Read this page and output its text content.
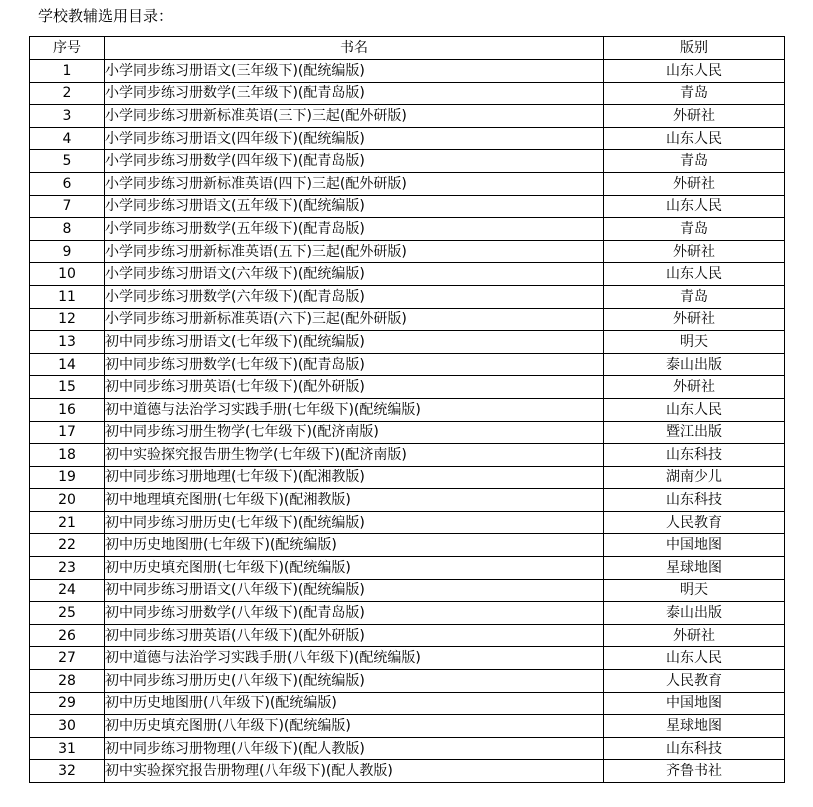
学校教辅选用目录：
序号	书名	版别
1	小学同步练习册语文(三年级下)(配统编版)	山东人民
2	小学同步练习册数学(三年级下)(配青岛版)	青岛
3	小学同步练习册新标准英语(三下)三起(配外研版)	外研社
4	小学同步练习册语文(四年级下)(配统编版)	山东人民
5	小学同步练习册数学(四年级下)(配青岛版)	青岛
6	小学同步练习册新标准英语(四下)三起(配外研版)	外研社
7	小学同步练习册语文(五年级下)(配统编版)	山东人民
8	小学同步练习册数学(五年级下)(配青岛版)	青岛
9	小学同步练习册新标准英语(五下)三起(配外研版)	外研社
10	小学同步练习册语文(六年级下)(配统编版)	山东人民
11	小学同步练习册数学(六年级下)(配青岛版)	青岛
12	小学同步练习册新标准英语(六下)三起(配外研版)	外研社
13	初中同步练习册语文(七年级下)(配统编版)	明天
14	初中同步练习册数学(七年级下)(配青岛版)	泰山出版
15	初中同步练习册英语(七年级下)(配外研版)	外研社
16	初中道德与法治学习实践手册(七年级下)(配统编版)	山东人民
17	初中同步练习册生物学(七年级下)(配济南版)	暨江出版
18	初中实验探究报告册生物学(七年级下)(配济南版)	山东科技
19	初中同步练习册地理(七年级下)(配湘教版)	湖南少儿
20	初中地理填充图册(七年级下)(配湘教版)	山东科技
21	初中同步练习册历史(七年级下)(配统编版)	人民教育
22	初中历史地图册(七年级下)(配统编版)	中国地图
23	初中历史填充图册(七年级下)(配统编版)	星球地图
24	初中同步练习册语文(八年级下)(配统编版)	明天
25	初中同步练习册数学(八年级下)(配青岛版)	泰山出版
26	初中同步练习册英语(八年级下)(配外研版)	外研社
27	初中道德与法治学习实践手册(八年级下)(配统编版)	山东人民
28	初中同步练习册历史(八年级下)(配统编版)	人民教育
29	初中历史地图册(八年级下)(配统编版)	中国地图
30	初中历史填充图册(八年级下)(配统编版)	星球地图
31	初中同步练习册物理(八年级下)(配人教版)	山东科技
32	初中实验探究报告册物理(八年级下)(配人教版)	齐鲁书社
